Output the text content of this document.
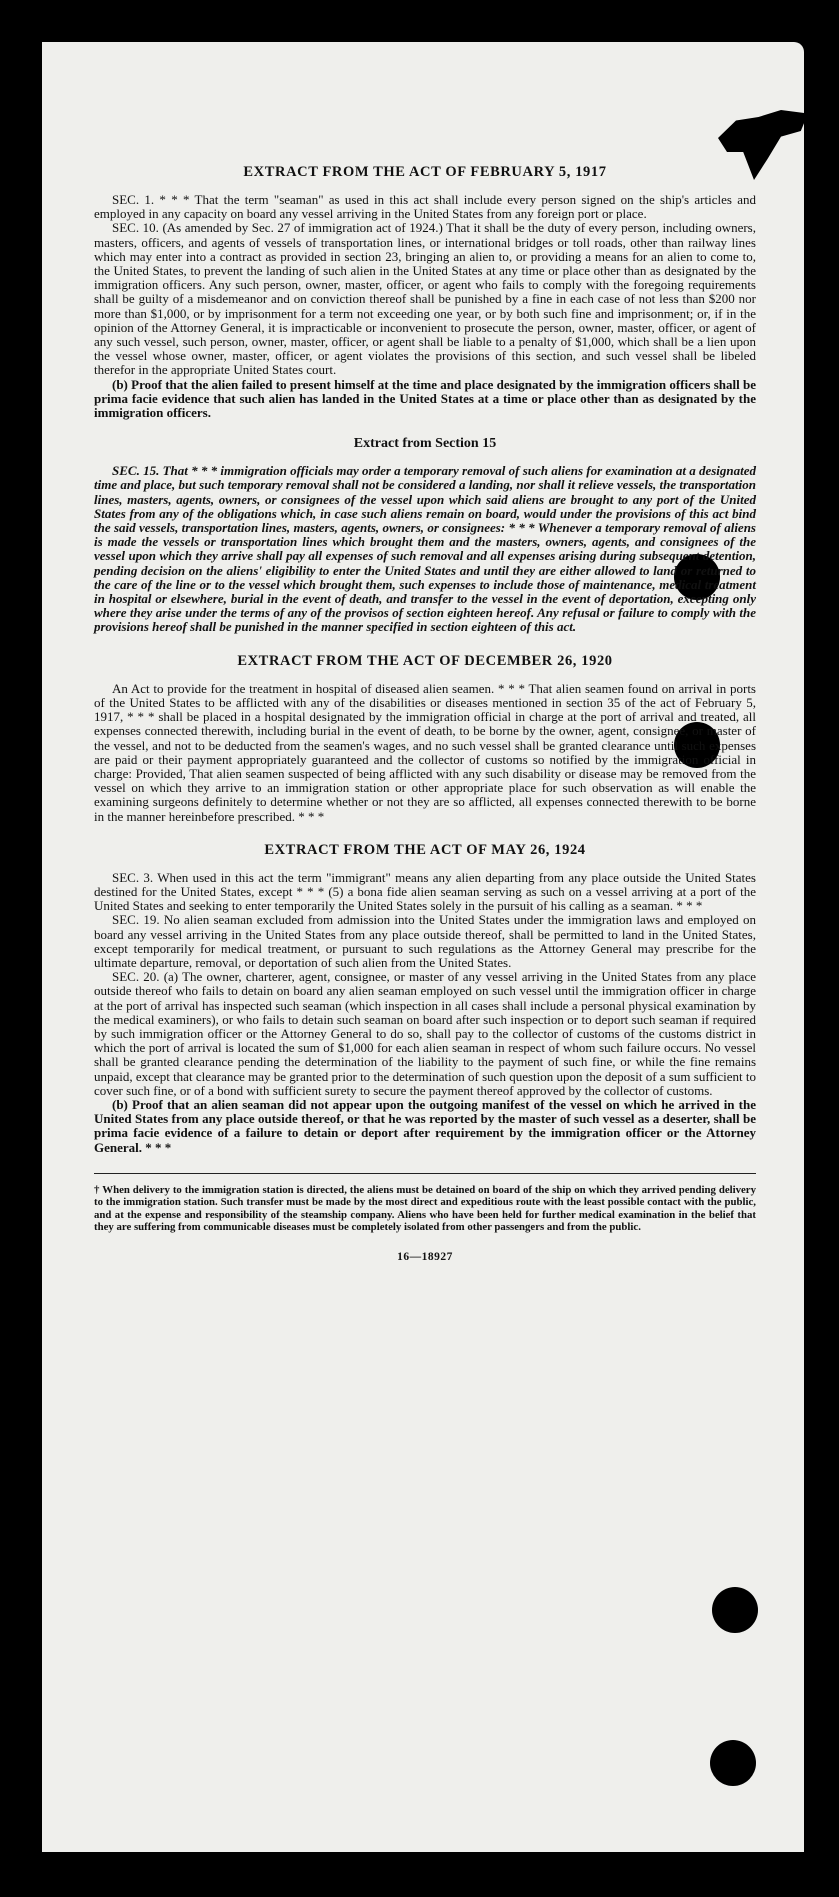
EXTRACT FROM THE ACT OF FEBRUARY 5, 1917

SEC. 1. * * * That the term "seaman" as used in this act shall include every person signed on the ship's articles and employed in any capacity on board any vessel arriving in the United States from any foreign port or place.

SEC. 10. (As amended by Sec. 27 of immigration act of 1924.) That it shall be the duty of every person, including owners, masters, officers, and agents of vessels of transportation lines, or international bridges or toll roads, other than railway lines which may enter into a contract as provided in section 23, bringing an alien to, or providing a means for an alien to come to, the United States, to prevent the landing of such alien in the United States at any time or place other than as designated by the immigration officers. Any such person, owner, master, officer, or agent who fails to comply with the foregoing requirements shall be guilty of a misdemeanor and on conviction thereof shall be punished by a fine in each case of not less than $200 nor more than $1,000, or by imprisonment for a term not exceeding one year, or by both such fine and imprisonment; or, if in the opinion of the Attorney General, it is impracticable or inconvenient to prosecute the person, owner, master, officer, or agent of any such vessel, such person, owner, master, officer, or agent shall be liable to a penalty of $1,000, which shall be a lien upon the vessel whose owner, master, officer, or agent violates the provisions of this section, and such vessel shall be libeled therefor in the appropriate United States court.

(b) Proof that the alien failed to present himself at the time and place designated by the immigration officers shall be prima facie evidence that such alien has landed in the United States at a time or place other than as designated by the immigration officers.

Extract from Section 15

SEC. 15. That * * * immigration officials may order a temporary removal of such aliens for examination at a designated time and place, but such temporary removal shall not be considered a landing, nor shall it relieve vessels, the transportation lines, masters, agents, owners, or consignees of the vessel upon which said aliens are brought to any port of the United States from any of the obligations which, in case such aliens remain on board, would under the provisions of this act bind the said vessels, transportation lines, masters, agents, owners, or consignees: * * * Whenever a temporary removal of aliens is made the vessels or transportation lines which brought them and the masters, owners, agents, and consignees of the vessel upon which they arrive shall pay all expenses of such removal and all expenses arising during subsequent detention, pending decision on the aliens' eligibility to enter the United States and until they are either allowed to land or returned to the care of the line or to the vessel which brought them, such expenses to include those of maintenance, medical treatment in hospital or elsewhere, burial in the event of death, and transfer to the vessel in the event of deportation, excepting only where they arise under the terms of any of the provisos of section eighteen hereof. Any refusal or failure to comply with the provisions hereof shall be punished in the manner specified in section eighteen of this act.

EXTRACT FROM THE ACT OF DECEMBER 26, 1920

An Act to provide for the treatment in hospital of diseased alien seamen. * * * That alien seamen found on arrival in ports of the United States to be afflicted with any of the disabilities or diseases mentioned in section 35 of the act of February 5, 1917, * * * shall be placed in a hospital designated by the immigration official in charge at the port of arrival and treated, all expenses connected therewith, including burial in the event of death, to be borne by the owner, agent, consignee, or master of the vessel, and not to be deducted from the seamen's wages, and no such vessel shall be granted clearance until such expenses are paid or their payment appropriately guaranteed and the collector of customs so notified by the immigration official in charge: Provided, That alien seamen suspected of being afflicted with any such disability or disease may be removed from the vessel on which they arrive to an immigration station or other appropriate place for such observation as will enable the examining surgeons definitely to determine whether or not they are so afflicted, all expenses connected therewith to be borne in the manner hereinbefore prescribed. * * *

EXTRACT FROM THE ACT OF MAY 26, 1924

SEC. 3. When used in this act the term "immigrant" means any alien departing from any place outside the United States destined for the United States, except * * * (5) a bona fide alien seaman serving as such on a vessel arriving at a port of the United States and seeking to enter temporarily the United States solely in the pursuit of his calling as a seaman. * * *

SEC. 19. No alien seaman excluded from admission into the United States under the immigration laws and employed on board any vessel arriving in the United States from any place outside thereof, shall be permitted to land in the United States, except temporarily for medical treatment, or pursuant to such regulations as the Attorney General may prescribe for the ultimate departure, removal, or deportation of such alien from the United States.

SEC. 20. (a) The owner, charterer, agent, consignee, or master of any vessel arriving in the United States from any place outside thereof who fails to detain on board any alien seaman employed on such vessel until the immigration officer in charge at the port of arrival has inspected such seaman (which inspection in all cases shall include a personal physical examination by the medical examiners), or who fails to detain such seaman on board after such inspection or to deport such seaman if required by such immigration officer or the Attorney General to do so, shall pay to the collector of customs of the customs district in which the port of arrival is located the sum of $1,000 for each alien seaman in respect of whom such failure occurs. No vessel shall be granted clearance pending the determination of the liability to the payment of such fine, or while the fine remains unpaid, except that clearance may be granted prior to the determination of such question upon the deposit of a sum sufficient to cover such fine, or of a bond with sufficient surety to secure the payment thereof approved by the collector of customs.

(b) Proof that an alien seaman did not appear upon the outgoing manifest of the vessel on which he arrived in the United States from any place outside thereof, or that he was reported by the master of such vessel as a deserter, shall be prima facie evidence of a failure to detain or deport after requirement by the immigration officer or the Attorney General. * * *

† When delivery to the immigration station is directed, the aliens must be detained on board of the ship on which they arrived pending delivery to the immigration station. Such transfer must be made by the most direct and expeditious route with the least possible contact with the public, and at the expense and responsibility of the steamship company. Aliens who have been held for further medical examination in the belief that they are suffering from communicable diseases must be completely isolated from other passengers and from the public.

16—18927
